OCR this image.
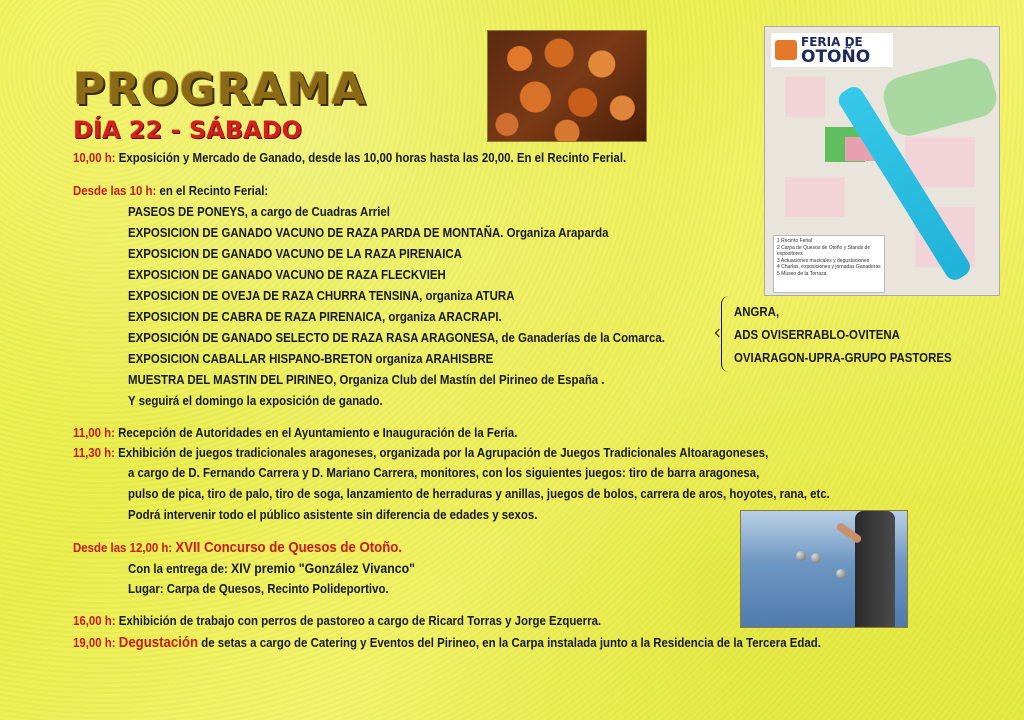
FERIA DE
OTOÑO
1 Recinto Ferial
2 Carpa de Quesos de Otoño y Stands de expositores
3 Actuaciones musicales y degustaciones
4 Charlas, exposiciones y jornadas Ganaderas
5 Museo de la Torraza
PROGRAMA
DÍA 22 - SÁBADO
10,00 h: Exposición y Mercado de Ganado, desde las 10,00 horas hasta las 20,00. En el Recinto Ferial.
Desde las 10 h: en el Recinto Ferial:
PASEOS DE PONEYS, a cargo de Cuadras Arriel
EXPOSICION DE GANADO VACUNO DE RAZA PARDA DE MONTAÑA. Organiza Araparda
EXPOSICION DE GANADO VACUNO DE LA RAZA PIRENAICA
EXPOSICION DE GANADO VACUNO DE RAZA FLECKVIEH
EXPOSICION DE OVEJA DE RAZA CHURRA TENSINA, organiza ATURA
EXPOSICION DE CABRA DE RAZA PIRENAICA, organiza ARACRAPI.
EXPOSICIÓN DE GANADO SELECTO DE RAZA RASA ARAGONESA, de Ganaderías de la Comarca.
EXPOSICION CABALLAR HISPANO-BRETON organiza ARAHISBRE
MUESTRA DEL MASTIN DEL PIRINEO, Organiza Club del Mastín del Pirineo de España .
Y seguirá el domingo la exposición de ganado.
ANGRA,
ADS OVISERRABLO-OVITENA
OVIARAGON-UPRA-GRUPO PASTORES
11,00 h: Recepción de Autoridades en el Ayuntamiento e Inauguración de la Feria.
11,30 h: Exhibición de juegos tradicionales aragoneses, organizada por la Agrupación de Juegos Tradicionales Altoaragoneses,
a cargo de D. Fernando Carrera y D. Mariano Carrera, monitores, con los siguientes juegos: tiro de barra aragonesa,
pulso de pica, tiro de palo, tiro de soga, lanzamiento de herraduras y anillas, juegos de bolos, carrera de aros, hoyotes, rana, etc.
Podrá intervenir todo el público asistente sin diferencia de edades y sexos.
Desde las 12,00 h: XVII Concurso de Quesos de Otoño.
Con la entrega de: XIV premio "González Vivanco"
Lugar: Carpa de Quesos, Recinto Polideportivo.
16,00 h: Exhibición de trabajo con perros de pastoreo a cargo de Ricard Torras y Jorge Ezquerra.
19,00 h: Degustación de setas a cargo de Catering y Eventos del Pirineo, en la Carpa instalada junto a la Residencia de la Tercera Edad.
